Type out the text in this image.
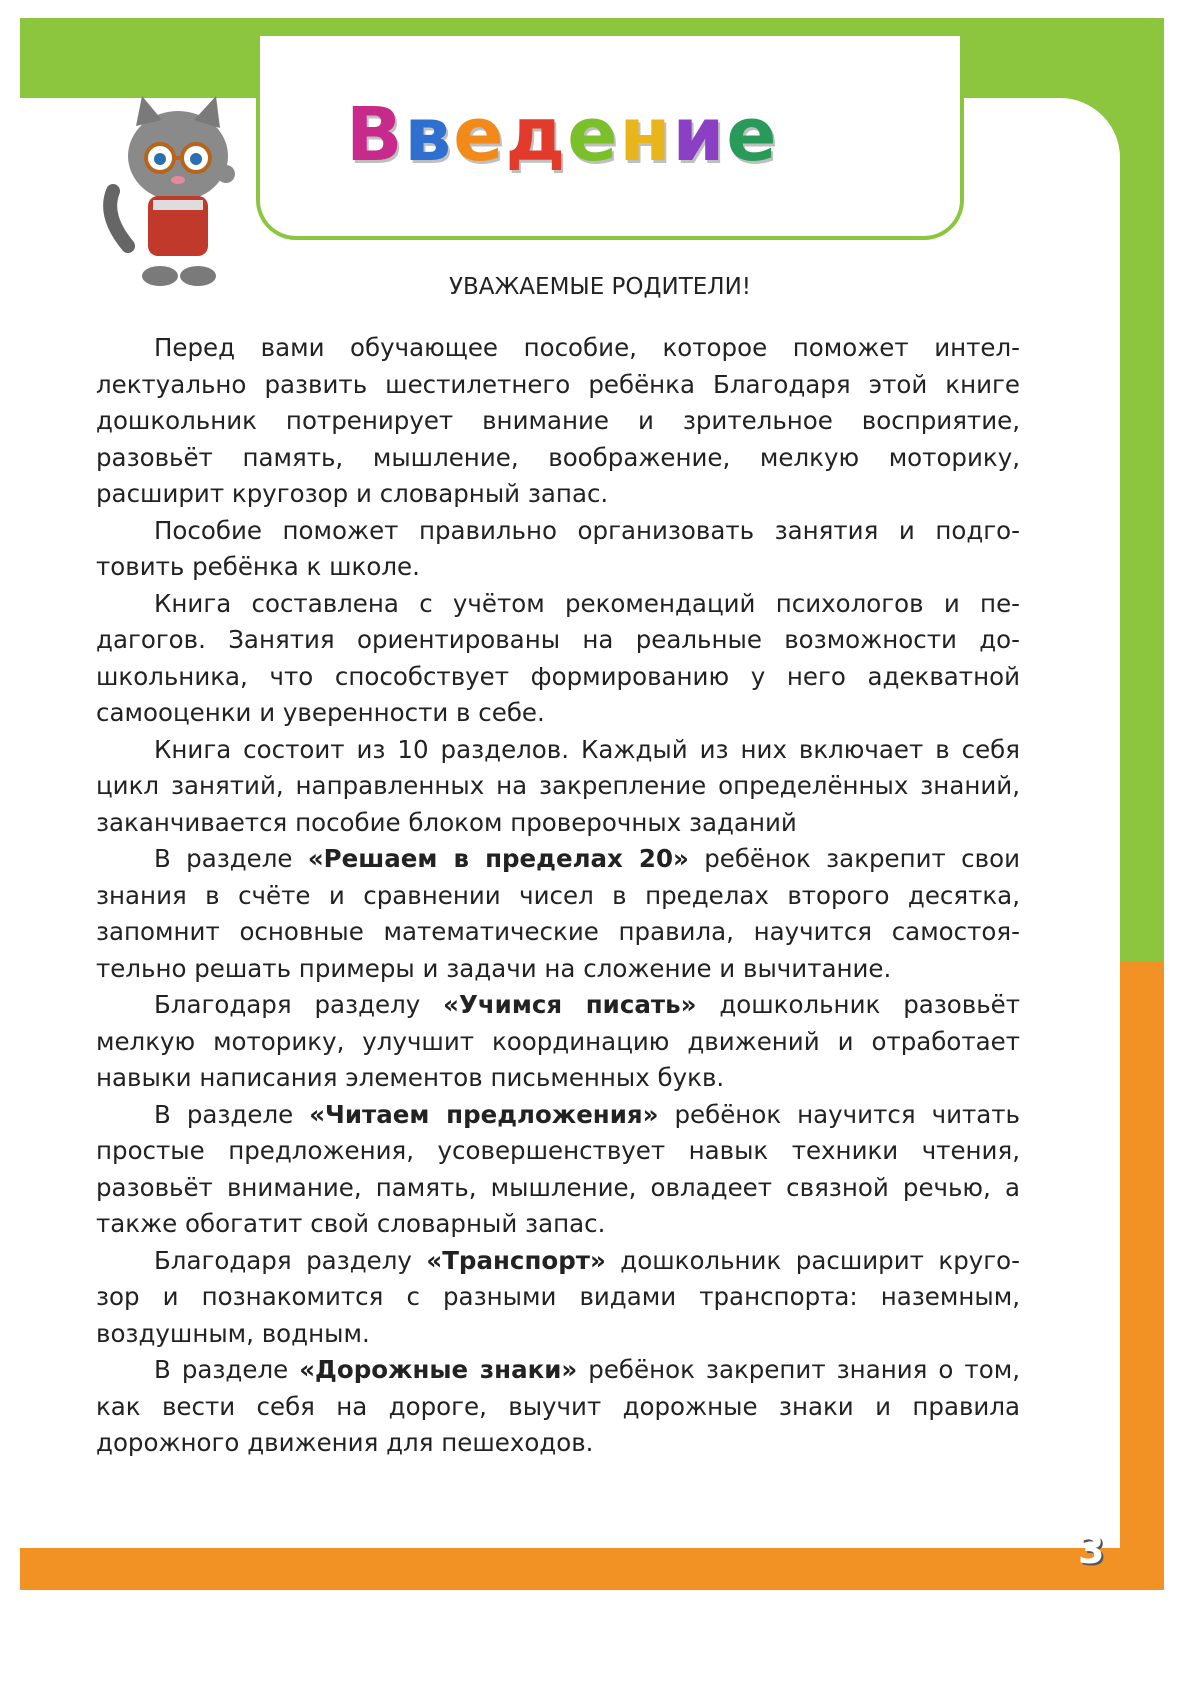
Введение
УВАЖАЕМЫЕ РОДИТЕЛИ!

Перед вами обучающее пособие, которое поможет интеллектуально развить шестилетнего ребёнка Благодаря этой книге дошкольник потренирует внимание и зрительное восприятие, разовьёт память, мышление, воображение, мелкую моторику, расширит кругозор и словарный запас.

Пособие поможет правильно организовать занятия и подготовить ребёнка к школе.

Книга составлена с учётом рекомендаций психологов и педагогов. Занятия ориентированы на реальные возможности дошкольника, что способствует формированию у него адекватной самооценки и уверенности в себе.

Книга состоит из 10 разделов. Каждый из них включает в себя цикл занятий, направленных на закрепление определённых знаний, заканчивается пособие блоком проверочных заданий

В разделе «Решаем в пределах 20» ребёнок закрепит свои знания в счёте и сравнении чисел в пределах второго десятка, запомнит основные математические правила, научится самостоятельно решать примеры и задачи на сложение и вычитание.

Благодаря разделу «Учимся писать» дошкольник разовьёт мелкую моторику, улучшит координацию движений и отработает навыки написания элементов письменных букв.

В разделе «Читаем предложения» ребёнок научится читать простые предложения, усовершенствует навык техники чтения, разовьёт внимание, память, мышление, овладеет связной речью, а также обогатит свой словарный запас.

Благодаря разделу «Транспорт» дошкольник расширит кругозор и познакомится с разными видами транспорта: наземным, воздушным, водным.

В разделе «Дорожные знаки» ребёнок закрепит знания о том, как вести себя на дороге, выучит дорожные знаки и правила дорожного движения для пешеходов.

3
